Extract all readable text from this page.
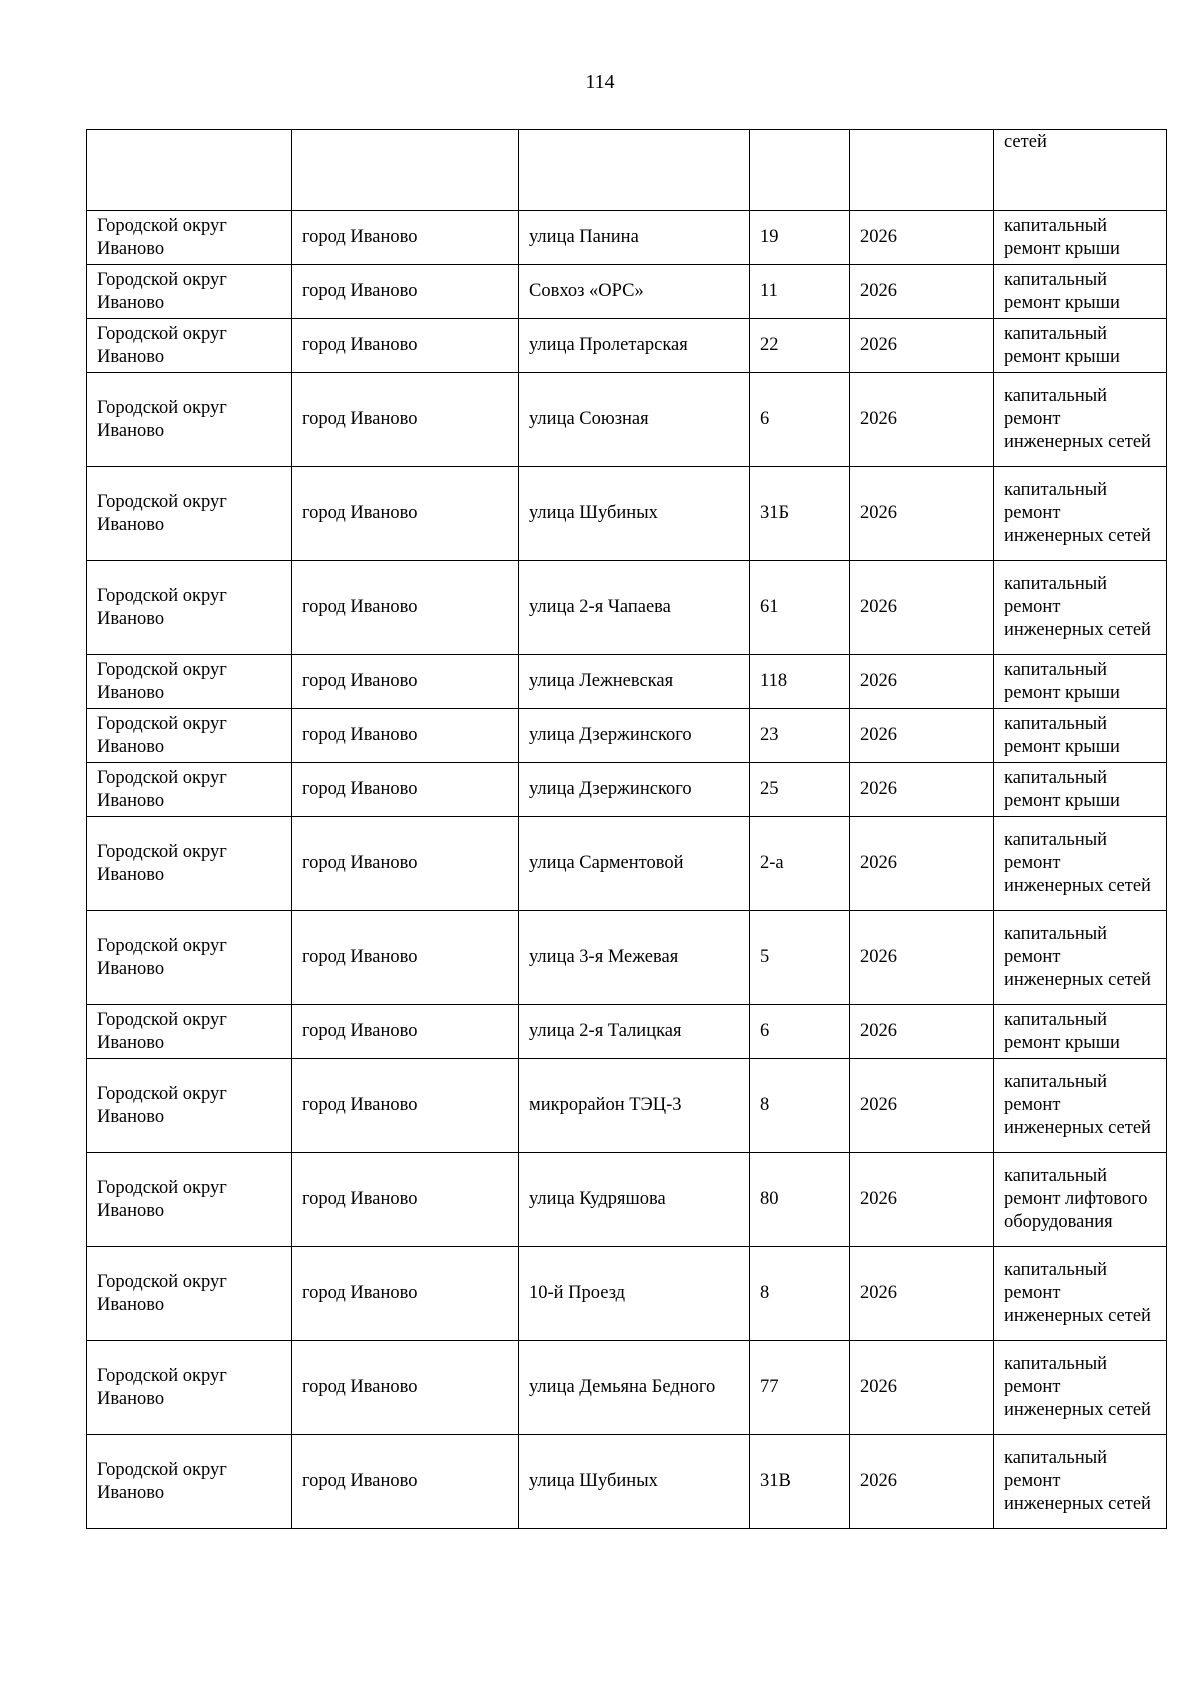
114
					сетей
Городской округ Иваново	город Иваново	улица Панина	19	2026	капитальный ремонт крыши
Городской округ Иваново	город Иваново	Совхоз «ОРС»	11	2026	капитальный ремонт крыши
Городской округ Иваново	город Иваново	улица Пролетарская	22	2026	капитальный ремонт крыши
Городской округ Иваново	город Иваново	улица Союзная	6	2026	капитальный ремонт инженерных сетей
Городской округ Иваново	город Иваново	улица Шубиных	31Б	2026	капитальный ремонт инженерных сетей
Городской округ Иваново	город Иваново	улица 2-я Чапаева	61	2026	капитальный ремонт инженерных сетей
Городской округ Иваново	город Иваново	улица Лежневская	118	2026	капитальный ремонт крыши
Городской округ Иваново	город Иваново	улица Дзержинского	23	2026	капитальный ремонт крыши
Городской округ Иваново	город Иваново	улица Дзержинского	25	2026	капитальный ремонт крыши
Городской округ Иваново	город Иваново	улица Сарментовой	2-а	2026	капитальный ремонт инженерных сетей
Городской округ Иваново	город Иваново	улица 3-я Межевая	5	2026	капитальный ремонт инженерных сетей
Городской округ Иваново	город Иваново	улица 2-я Талицкая	6	2026	капитальный ремонт крыши
Городской округ Иваново	город Иваново	микрорайон ТЭЦ-3	8	2026	капитальный ремонт инженерных сетей
Городской округ Иваново	город Иваново	улица Кудряшова	80	2026	капитальный ремонт лифтового оборудования
Городской округ Иваново	город Иваново	10-й Проезд	8	2026	капитальный ремонт инженерных сетей
Городской округ Иваново	город Иваново	улица Демьяна Бедного	77	2026	капитальный ремонт инженерных сетей
Городской округ Иваново	город Иваново	улица Шубиных	31В	2026	капитальный ремонт инженерных сетей
